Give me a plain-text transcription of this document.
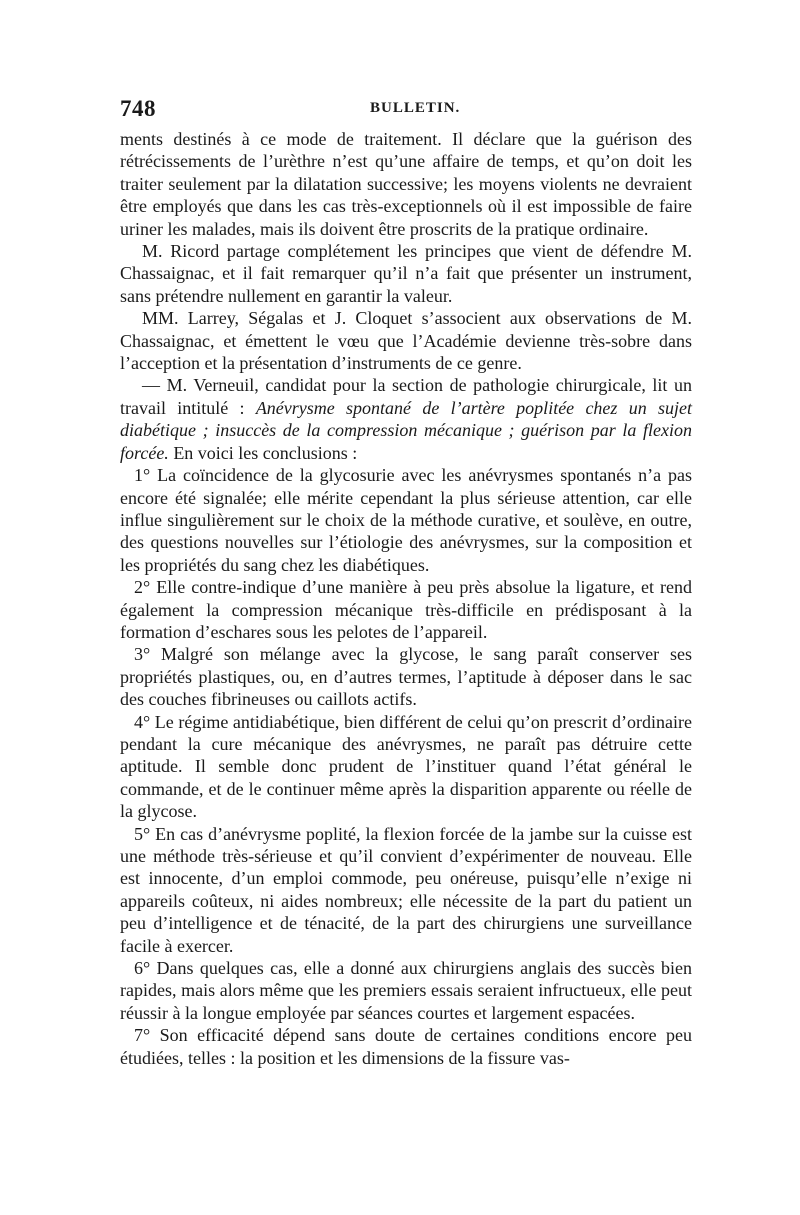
748	BULLETIN.

ments destinés à ce mode de traitement. Il déclare que la guérison des rétrécissements de l’urèthre n’est qu’une affaire de temps, et qu’on doit les traiter seulement par la dilatation successive; les moyens violents ne devraient être employés que dans les cas très-exceptionnels où il est impossible de faire uriner les malades, mais ils doivent être proscrits de la pratique ordinaire.

M. Ricord partage complétement les principes que vient de défendre M. Chassaignac, et il fait remarquer qu’il n’a fait que présenter un instrument, sans prétendre nullement en garantir la valeur.

MM. Larrey, Ségalas et J. Cloquet s’associent aux observations de M. Chassaignac, et émettent le vœu que l’Académie devienne très-sobre dans l’acception et la présentation d’instruments de ce genre.

— M. Verneuil, candidat pour la section de pathologie chirurgicale, lit un travail intitulé : Anévrysme spontané de l’artère poplitée chez un sujet diabétique ; insuccès de la compression mécanique ; guérison par la flexion forcée. En voici les conclusions :

1° La coïncidence de la glycosurie avec les anévrysmes spontanés n’a pas encore été signalée; elle mérite cependant la plus sérieuse attention, car elle influe singulièrement sur le choix de la méthode curative, et soulève, en outre, des questions nouvelles sur l’étiologie des anévrysmes, sur la composition et les propriétés du sang chez les diabétiques.

2° Elle contre-indique d’une manière à peu près absolue la ligature, et rend également la compression mécanique très-difficile en prédisposant à la formation d’eschares sous les pelotes de l’appareil.

3° Malgré son mélange avec la glycose, le sang paraît conserver ses propriétés plastiques, ou, en d’autres termes, l’aptitude à déposer dans le sac des couches fibrineuses ou caillots actifs.

4° Le régime antidiabétique, bien différent de celui qu’on prescrit d’ordinaire pendant la cure mécanique des anévrysmes, ne paraît pas détruire cette aptitude. Il semble donc prudent de l’instituer quand l’état général le commande, et de le continuer même après la disparition apparente ou réelle de la glycose.

5° En cas d’anévrysme poplité, la flexion forcée de la jambe sur la cuisse est une méthode très-sérieuse et qu’il convient d’expérimenter de nouveau. Elle est innocente, d’un emploi commode, peu onéreuse, puisqu’elle n’exige ni appareils coûteux, ni aides nombreux; elle nécessite de la part du patient un peu d’intelligence et de ténacité, de la part des chirurgiens une surveillance facile à exercer.

6° Dans quelques cas, elle a donné aux chirurgiens anglais des succès bien rapides, mais alors même que les premiers essais seraient infructueux, elle peut réussir à la longue employée par séances courtes et largement espacées.

7° Son efficacité dépend sans doute de certaines conditions encore peu étudiées, telles : la position et les dimensions de la fissure vas-
